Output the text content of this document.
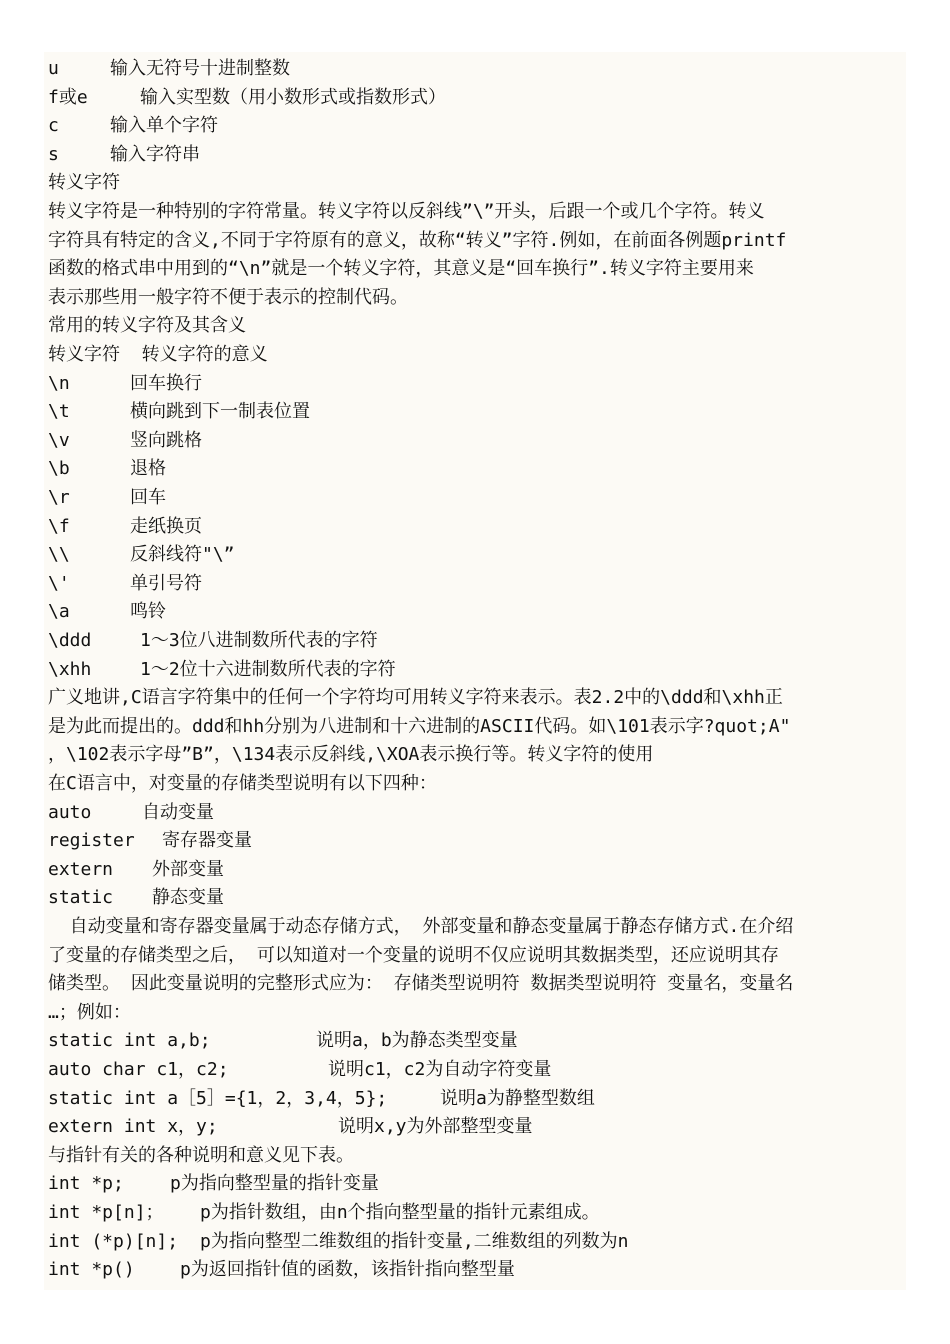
u	输入无符号十进制整数
f或e	输入实型数（用小数形式或指数形式）
c	输入单个字符
s	输入字符串
转义字符
转义字符是一种特别的字符常量。转义字符以反斜线”\”开头，后跟一个或几个字符。转义
字符具有特定的含义,不同于字符原有的意义，故称“转义”字符.例如，在前面各例题printf
函数的格式串中用到的“\n”就是一个转义字符，其意义是“回车换行”.转义字符主要用来
表示那些用一般字符不便于表示的控制代码。
常用的转义字符及其含义
转义字符  转义字符的意义
\n	回车换行
\t	横向跳到下一制表位置
\v	竖向跳格
\b	退格
\r	回车
\f	走纸换页
\\	反斜线符"\”
\'	单引号符
\a	鸣铃
\ddd	1～3位八进制数所代表的字符
\xhh	1～2位十六进制数所代表的字符
广义地讲,C语言字符集中的任何一个字符均可用转义字符来表示。表2.2中的\ddd和\xhh正
是为此而提出的。ddd和hh分别为八进制和十六进制的ASCII代码。如\101表示字?quot;A"
，\102表示字母”B”，\134表示反斜线,\XOA表示换行等。转义字符的使用
在C语言中，对变量的存储类型说明有以下四种：
auto	自动变量
register 寄存器变量
extern 外部变量
static 静态变量
自动变量和寄存器变量属于动态存储方式， 外部变量和静态变量属于静态存储方式.在介绍
了变量的存储类型之后， 可以知道对一个变量的说明不仅应说明其数据类型，还应说明其存
储类型。 因此变量说明的完整形式应为： 存储类型说明符 数据类型说明符 变量名，变量名
…；例如：
static int a,b;	说明a，b为静态类型变量
auto char c1，c2;	说明c1，c2为自动字符变量
static int a［5］={1，2，3,4，5};	说明a为静整型数组
extern int x，y;	说明x,y为外部整型变量
与指针有关的各种说明和意义见下表。
int *p;	p为指向整型量的指针变量
int *p[n]； p为指针数组，由n个指向整型量的指针元素组成。
int (*p)[n]; p为指向整型二维数组的指针变量,二维数组的列数为n
int *p()	p为返回指针值的函数，该指针指向整型量
